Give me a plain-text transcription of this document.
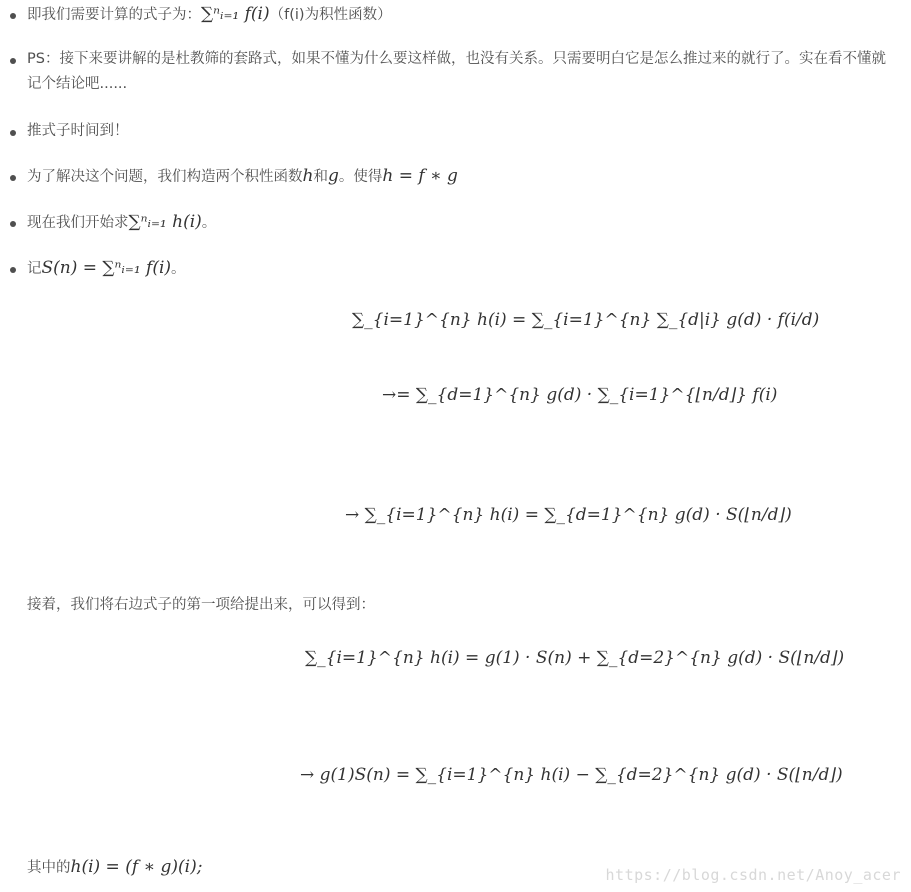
即我们需要计算的式子为：∑ⁿᵢ₌₁ f(i)（f(i)为积性函数）
PS：接下来要讲解的是杜教筛的套路式，如果不懂为什么要这样做，也没有关系。只需要明白它是怎么推过来的就行了。实在看不懂就记个结论吧......
推式子时间到！
为了解决这个问题，我们构造两个积性函数h和g。使得h = f ∗ g
现在我们开始求∑ⁿᵢ₌₁ h(i)。
记S(n) = ∑ⁿᵢ₌₁ f(i)。
∑_{i=1}^{n} h(i) = ∑_{i=1}^{n} ∑_{d|i} g(d) · f(i/d)
→= ∑_{d=1}^{n} g(d) · ∑_{i=1}^{⌊n/d⌋} f(i)
→ ∑_{i=1}^{n} h(i) = ∑_{d=1}^{n} g(d) · S(⌊n/d⌋)
接着，我们将右边式子的第一项给提出来，可以得到：
∑_{i=1}^{n} h(i) = g(1) · S(n) + ∑_{d=2}^{n} g(d) · S(⌊n/d⌋)
→ g(1)S(n) = ∑_{i=1}^{n} h(i) − ∑_{d=2}^{n} g(d) · S(⌊n/d⌋)
其中的h(i) = (f ∗ g)(i);	https://blog.csdn.net/Anoy_acer
